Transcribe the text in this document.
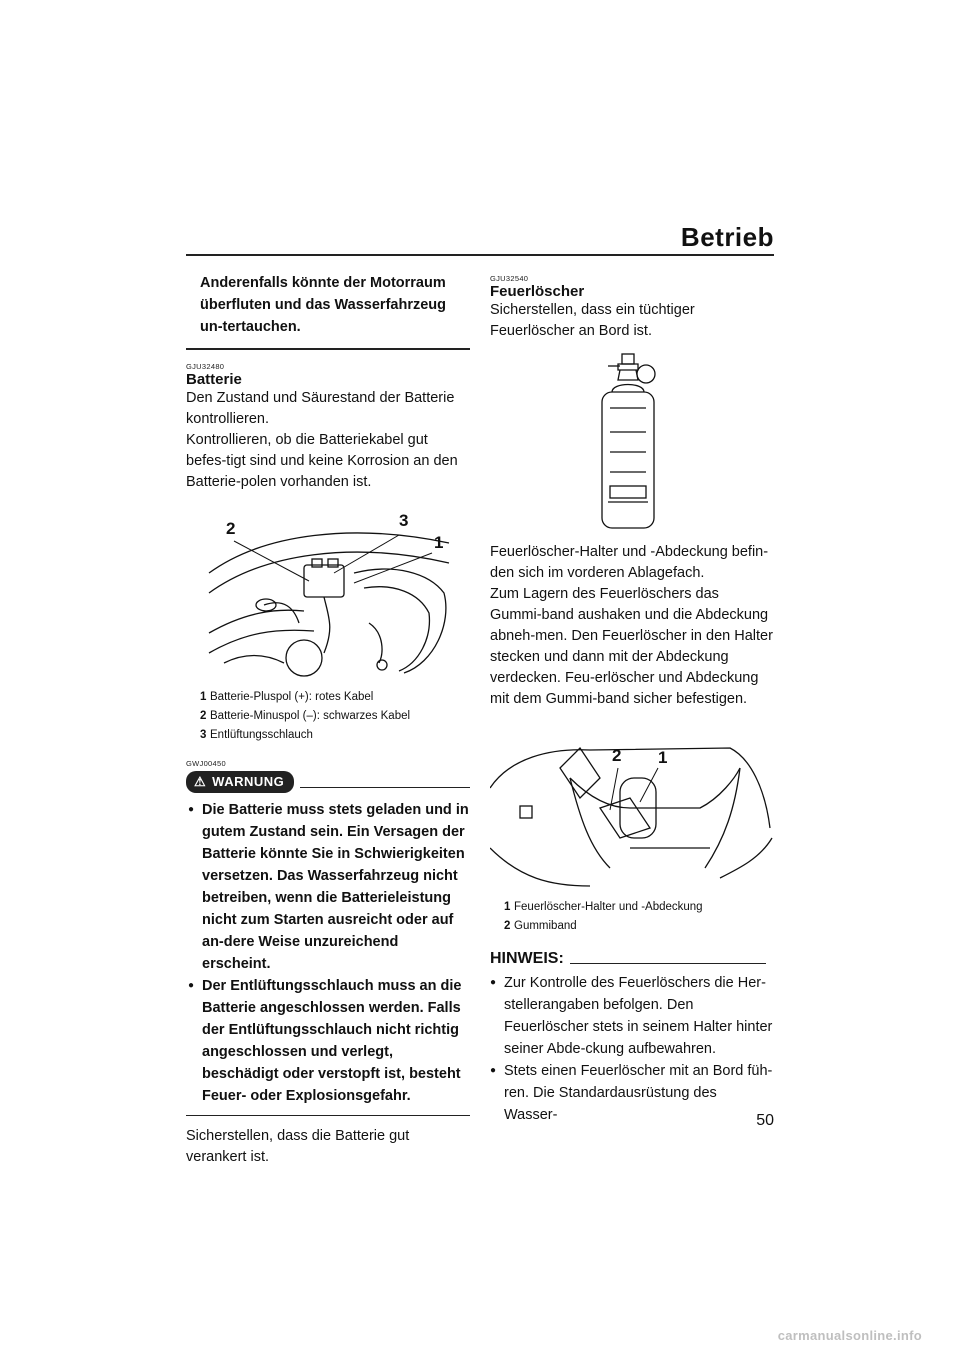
Betrieb

Anderenfalls könnte der Motorraum überfluten und das Wasserfahrzeug un-tertauchen.

GJU32480
Batterie

Den Zustand und Säurestand der Batterie kontrollieren.

Kontrollieren, ob die Batteriekabel gut befes-tigt sind und keine Korrosion an den Batterie-polen vorhanden ist.

2	3
1
1 Batterie-Pluspol (+): rotes Kabel
2 Batterie-Minuspol (–): schwarzes Kabel
3 Entlüftungsschlauch
GWJ00450
⚠ WARNUNG

● Die Batterie muss stets geladen und in gutem Zustand sein. Ein Versagen der Batterie könnte Sie in Schwierigkeiten versetzen. Das Wasserfahrzeug nicht betreiben, wenn die Batterieleistung nicht zum Starten ausreicht oder auf an-dere Weise unzureichend erscheint.

● Der Entlüftungsschlauch muss an die Batterie angeschlossen werden. Falls der Entlüftungsschlauch nicht richtig angeschlossen und verlegt, beschädigt oder verstopft ist, besteht Feuer- oder Explosionsgefahr.

Sicherstellen, dass die Batterie gut verankert ist.

GJU32540
Feuerlöscher

Sicherstellen, dass ein tüchtiger Feuerlöscher an Bord ist.

Feuerlöscher-Halter und -Abdeckung befin-den sich im vorderen Ablagefach.

Zum Lagern des Feuerlöschers das Gummi-band aushaken und die Abdeckung abneh-men. Den Feuerlöscher in den Halter stecken und dann mit der Abdeckung verdecken. Feu-erlöscher und Abdeckung mit dem Gummi-band sicher befestigen.

2 1
1 Feuerlöscher-Halter und -Abdeckung
2 Gummiband
HINWEIS:

● Zur Kontrolle des Feuerlöschers die Her-stellerangaben befolgen. Den Feuerlöscher stets in seinem Halter hinter seiner Abde-ckung aufbewahren.

● Stets einen Feuerlöscher mit an Bord füh-ren. Die Standardausrüstung des Wasser-	50
carmanualsonline.info
